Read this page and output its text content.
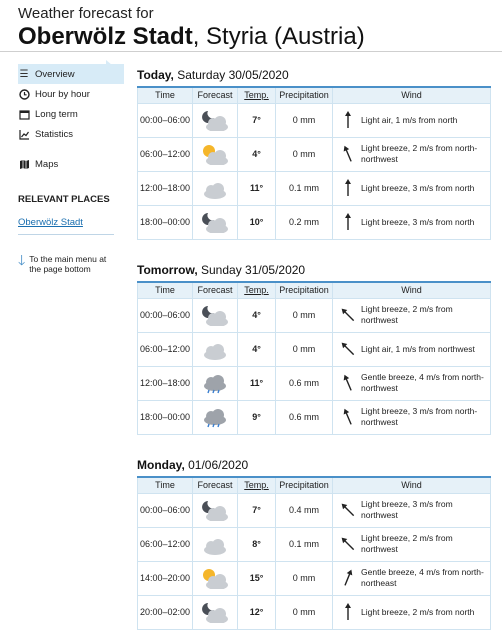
Weather forecast for
Oberwölz Stadt, Styria (Austria)
☰ Overview
Hour by hour
Long term
Statistics
Maps
RELEVANT PLACES
Oberwölz Stadt
🡓 To the main menu at the page bottom
Today, Saturday 30/05/2020
Time	Forecast	Temp.	Precipitation	Wind
00:00–06:00		7°	0 mm	Light air, 1 m/s from north

06:00–12:00		4°	0 mm	Light breeze, 2 m/s from north-northwest

12:00–18:00		11°	0.1 mm	Light breeze, 3 m/s from north

18:00–00:00		10°	0.2 mm	Light breeze, 3 m/s from north
Tomorrow, Sunday 31/05/2020
Time	Forecast	Temp.	Precipitation	Wind
00:00–06:00		4°	0 mm	Light breeze, 2 m/s from northwest

06:00–12:00		4°	0 mm	Light air, 1 m/s from northwest

12:00–18:00		11°	0.6 mm	Gentle breeze, 4 m/s from north-northwest

18:00–00:00		9°	0.6 mm	Light breeze, 3 m/s from north-northwest
Monday, 01/06/2020
Time	Forecast	Temp.	Precipitation	Wind
00:00–06:00		7°	0.4 mm	Light breeze, 3 m/s from northwest

06:00–12:00		8°	0.1 mm	Light breeze, 2 m/s from northwest

14:00–20:00		15°	0 mm	Gentle breeze, 4 m/s from north-northeast

20:00–02:00		12°	0 mm	Light breeze, 2 m/s from north
